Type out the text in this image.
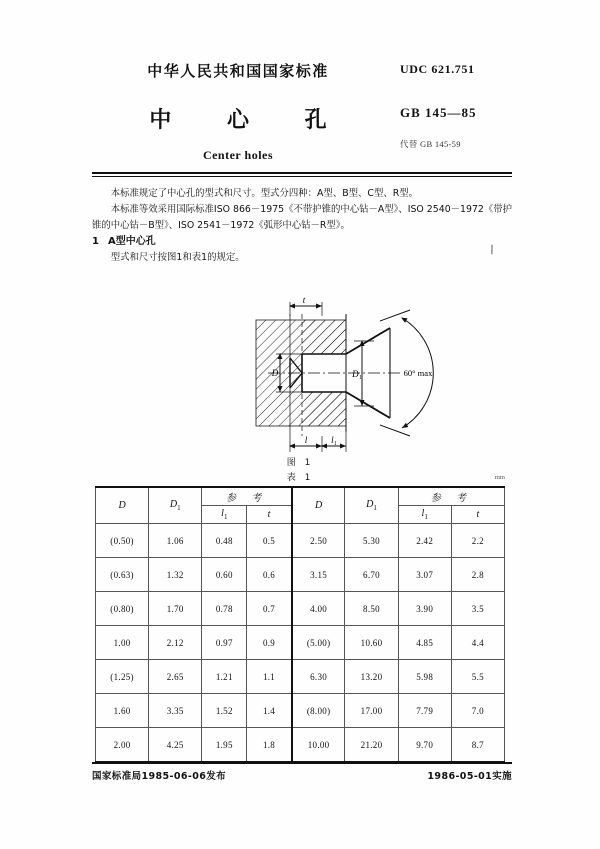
中华人民共和国国家标准
中 心 孔
Center holes
UDC 621.751
GB 145—85
代替 GB 145-59

本标准规定了中心孔的型式和尺寸。型式分四种：A型、B型、C型、R型。

本标准等效采用国际标准ISO 866－1975《不带护锥的中心钻－A型》、ISO 2540－1972《带护锥的中心钻－B型》、ISO 2541－1972《弧形中心钻－R型》。

\

1 A型中心孔

型式和尺寸按图1和表1的规定。

t
l	l₁
D	D₁	60° max
图 1
表 1	mm
D	$D_1$	参 考		D	$D_1$	参 考	
		$l_1$	t			$l_1$	t
(0.50)	1.06	0.48	0.5	2.50	5.30	2.42	2.2
(0.63)	1.32	0.60	0.6	3.15	6.70	3.07	2.8
(0.80)	1.70	0.78	0.7	4.00	8.50	3.90	3.5
1.00	2.12	0.97	0.9	(5.00)	10.60	4.85	4.4
(1.25)	2.65	1.21	1.1	6.30	13.20	5.98	5.5
1.60	3.35	1.52	1.4	(8.00)	17.00	7.79	7.0
2.00	4.25	1.95	1.8	10.00	21.20	9.70	8.7
国家标准局1985-06-06发布	1986-05-01实施
